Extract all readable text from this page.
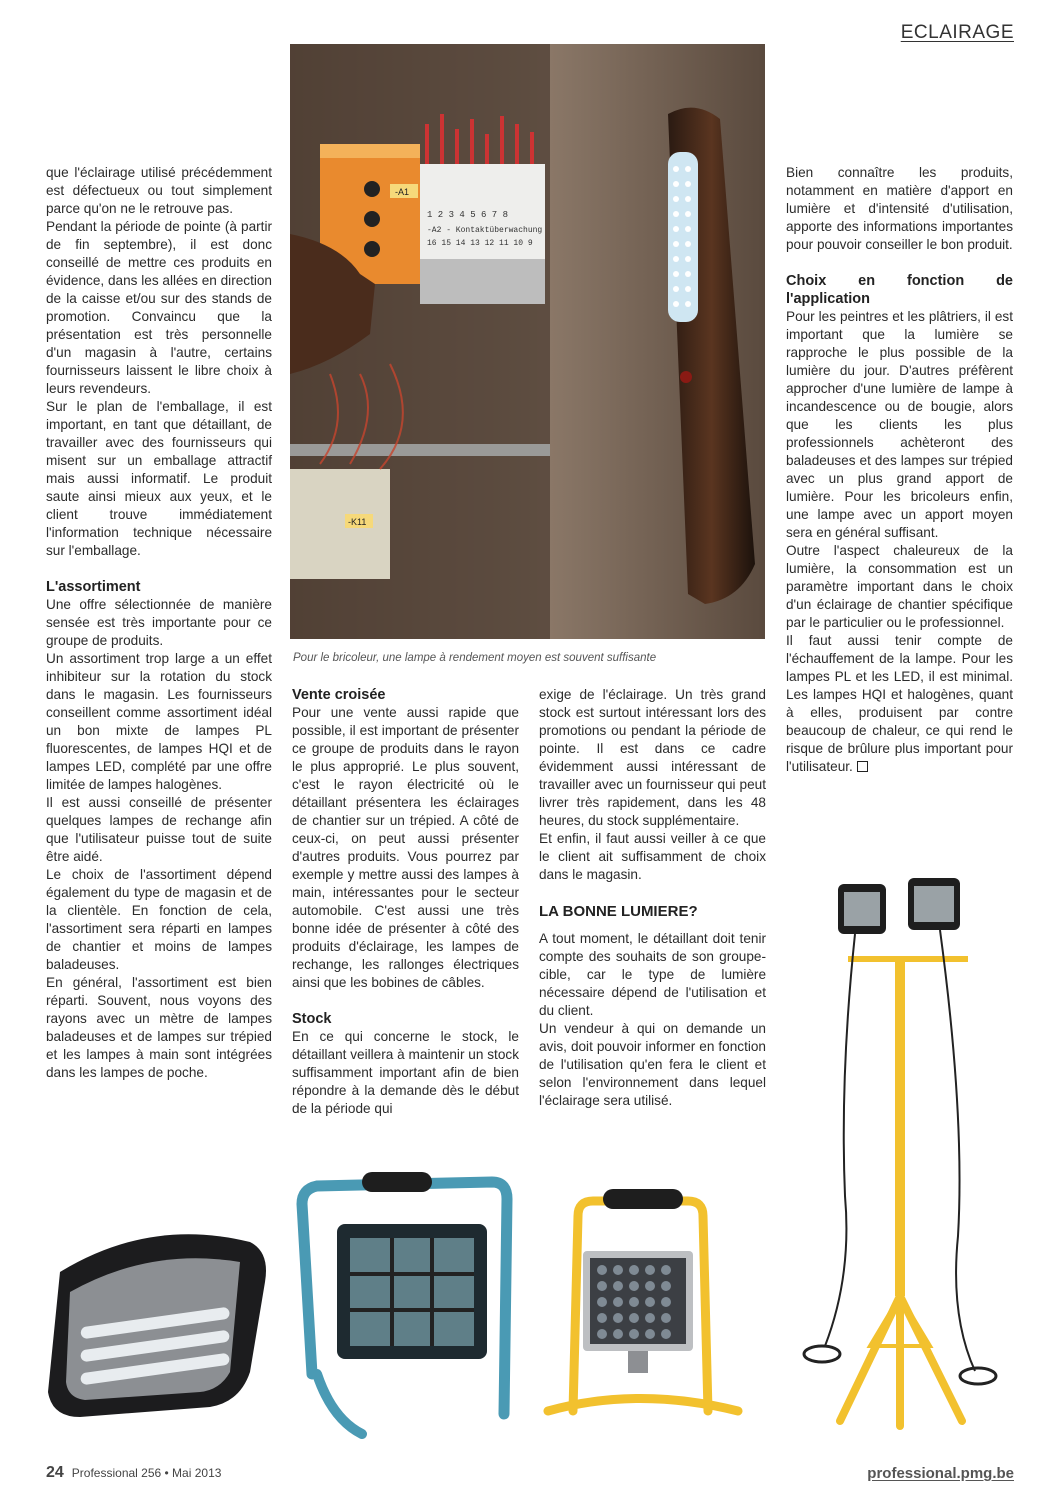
ECLAIRAGE
-A1
1 2 3 4 5 6 7 8
-A2 - Kontaktüberwachung
16 15 14 13 12 11 10 9
-K11
Pour le bricoleur, une lampe à rendement moyen est souvent suffisante

que l'éclairage utilisé précédemment est défectueux ou tout simplement parce qu'on ne le retrouve pas.

Pendant la période de pointe (à partir de fin septembre), il est donc conseillé de mettre ces produits en évidence, dans les allées en direction de la caisse et/ou sur des stands de promotion. Convaincu que la présentation est très personnelle d'un magasin à l'autre, certains fournisseurs laissent le libre choix à leurs revendeurs.

Sur le plan de l'emballage, il est important, en tant que détaillant, de travailler avec des fournisseurs qui misent sur un emballage attractif mais aussi informatif. Le produit saute ainsi mieux aux yeux, et le client trouve immédiatement l'information technique nécessaire sur l'emballage.

L'assortiment

Une offre sélectionnée de manière sensée est très importante pour ce groupe de produits.

Un assortiment trop large a un effet inhibiteur sur la rotation du stock dans le magasin. Les fournisseurs conseillent comme assortiment idéal un bon mixte de lampes PL fluorescentes, de lampes HQI et de lampes LED, complété par une offre limitée de lampes halogènes.

Il est aussi conseillé de présenter quelques lampes de rechange afin que l'utilisateur puisse tout de suite être aidé.

Le choix de l'assortiment dépend également du type de magasin et de la clientèle. En fonction de cela, l'assortiment sera réparti en lampes de chantier et moins de lampes baladeuses.

En général, l'assortiment est bien réparti. Souvent, nous voyons des rayons avec un mètre de lampes baladeuses et de lampes sur trépied et les lampes à main sont intégrées dans les lampes de poche.

Vente croisée

Pour une vente aussi rapide que possible, il est important de présenter ce groupe de produits dans le rayon le plus approprié. Le plus souvent, c'est le rayon électricité où le détaillant présentera les éclairages de chantier sur un trépied. A côté de ceux-ci, on peut aussi présenter d'autres produits. Vous pourrez par exemple y mettre aussi des lampes à main, intéressantes pour le secteur automobile. C'est aussi une très bonne idée de présenter à côté des produits d'éclairage, les lampes de rechange, les rallonges électriques ainsi que les bobines de câbles.

Stock

En ce qui concerne le stock, le détaillant veillera à maintenir un stock suffisamment important afin de bien répondre à la demande dès le début de la période qui

exige de l'éclairage. Un très grand stock est surtout intéressant lors des promotions ou pendant la période de pointe. Il est dans ce cadre évidemment aussi intéressant de travailler avec un fournisseur qui peut livrer très rapidement, dans les 48 heures, du stock supplémentaire.

Et enfin, il faut aussi veiller à ce que le client ait suffisamment de choix dans le magasin.

LA BONNE LUMIERE?

A tout moment, le détaillant doit tenir compte des souhaits de son groupe-cible, car le type de lumière nécessaire dépend de l'utilisation et du client.

Un vendeur à qui on demande un avis, doit pouvoir informer en fonction de l'utilisation qu'en fera le client et selon l'environnement dans lequel l'éclairage sera utilisé.

Bien connaître les produits, notamment en matière d'apport en lumière et d'intensité d'utilisation, apporte des informations importantes pour pouvoir conseiller le bon produit.

Choix en fonction de l'application

Pour les peintres et les plâtriers, il est important que la lumière se rapproche le plus possible de la lumière du jour. D'autres préfèrent approcher d'une lumière de lampe à incandescence ou de bougie, alors que les clients les plus professionnels achèteront des baladeuses et des lampes sur trépied avec un plus grand apport de lumière. Pour les bricoleurs enfin, une lampe avec un apport moyen sera en général suffisant.

Outre l'aspect chaleureux de la lumière, la consommation est un paramètre important dans le choix d'un éclairage de chantier spécifique par le particulier ou le professionnel.

Il faut aussi tenir compte de l'échauffement de la lampe. Pour les lampes PL et les LED, il est minimal. Les lampes HQI et halogènes, quant à elles, produisent par contre beaucoup de chaleur, ce qui rend le risque de brûlure plus important pour l'utilisateur.

24 Professional 256 • Mai 2013	professional.pmg.be
